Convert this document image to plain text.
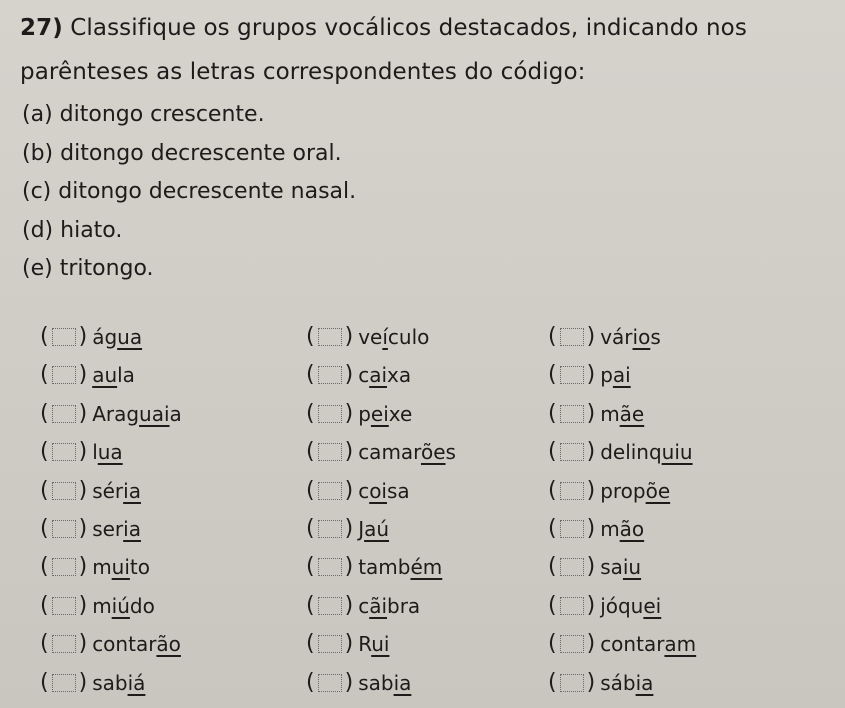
27) Classifique os grupos vocálicos destacados, indicando nos parênteses as letras correspondentes do código:
(a) ditongo crescente.
(b) ditongo decrescente oral.
(c) ditongo decrescente nasal.
(d) hiato.
(e) tritongo.
( ) água	( ) veículo	( ) vários
( ) aula	( ) caixa	( ) pai
( ) Araguaia	( ) peixe	( ) mãe
( ) lua	( ) camarões	( ) delinquiu
( ) séria	( ) coisa	( ) propõe
( ) seria	( ) Jaú	( ) mão
( ) muito	( ) também	( ) saiu
( ) miúdo	( ) cãibra	( ) jóquei
( ) contarão	( ) Rui	( ) contaram
( ) sabiá	( ) sabia	( ) sábia
